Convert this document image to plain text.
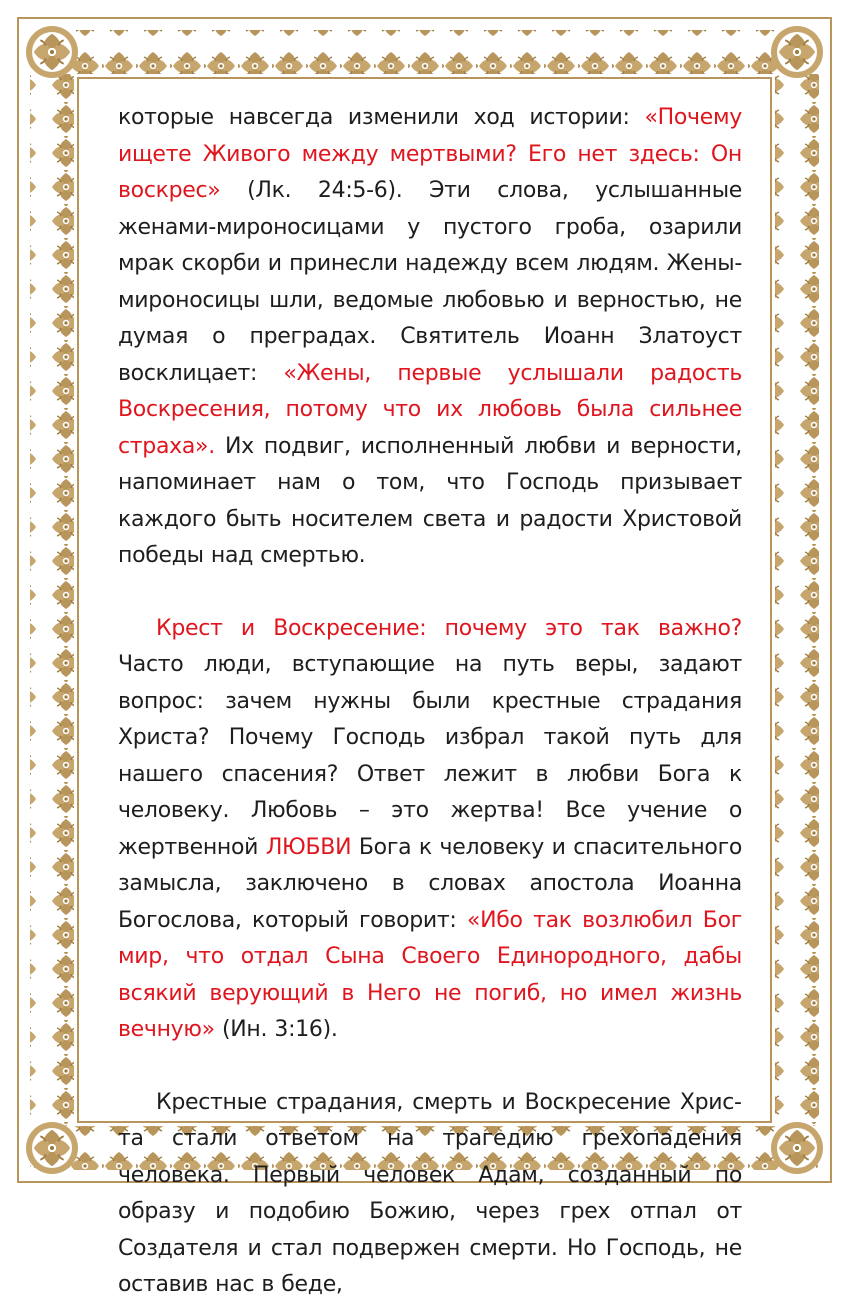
которые навсегда изменили ход истории: «Почему ищете Живого между мертвыми? Его нет здесь: Он воскрес» (Лк. 24:5-6). Эти слова, услышанные женами-мироносицами у пустого гроба, озарили мрак скорби и принесли надежду всем людям. Жены-мироносицы шли, ведомые любовью и верностью, не думая о преградах. Святитель Иоанн Златоуст восклицает: «Жены, первые услышали радость Воскресения, потому что их любовь была сильнее страха». Их подвиг, исполненный любви и верности, напоминает нам о том, что Господь призывает каждого быть носителем света и радости Христовой победы над смертью.

Крест и Воскресение: почему это так важно? Часто люди, вступающие на путь веры, задают вопрос: зачем нужны были крестные страдания Христа? Почему Господь избрал такой путь для нашего спасения? Ответ лежит в любви Бога к человеку. Любовь – это жертва! Все учение о жертвенной ЛЮБВИ Бога к человеку и спасительного замысла, заключено в словах апостола Иоанна Богослова, который говорит: «Ибо так возлюбил Бог мир, что отдал Сына Своего Единородного, дабы всякий верующий в Него не погиб, но имел жизнь вечную» (Ин. 3:16).

Крестные страдания, смерть и Воскресение Христа стали ответом на трагедию грехопадения человека. Первый человек Адам, созданный по образу и подобию Божию, через грех отпал от Создателя и стал подвержен смерти. Но Господь, не оставив нас в беде,
